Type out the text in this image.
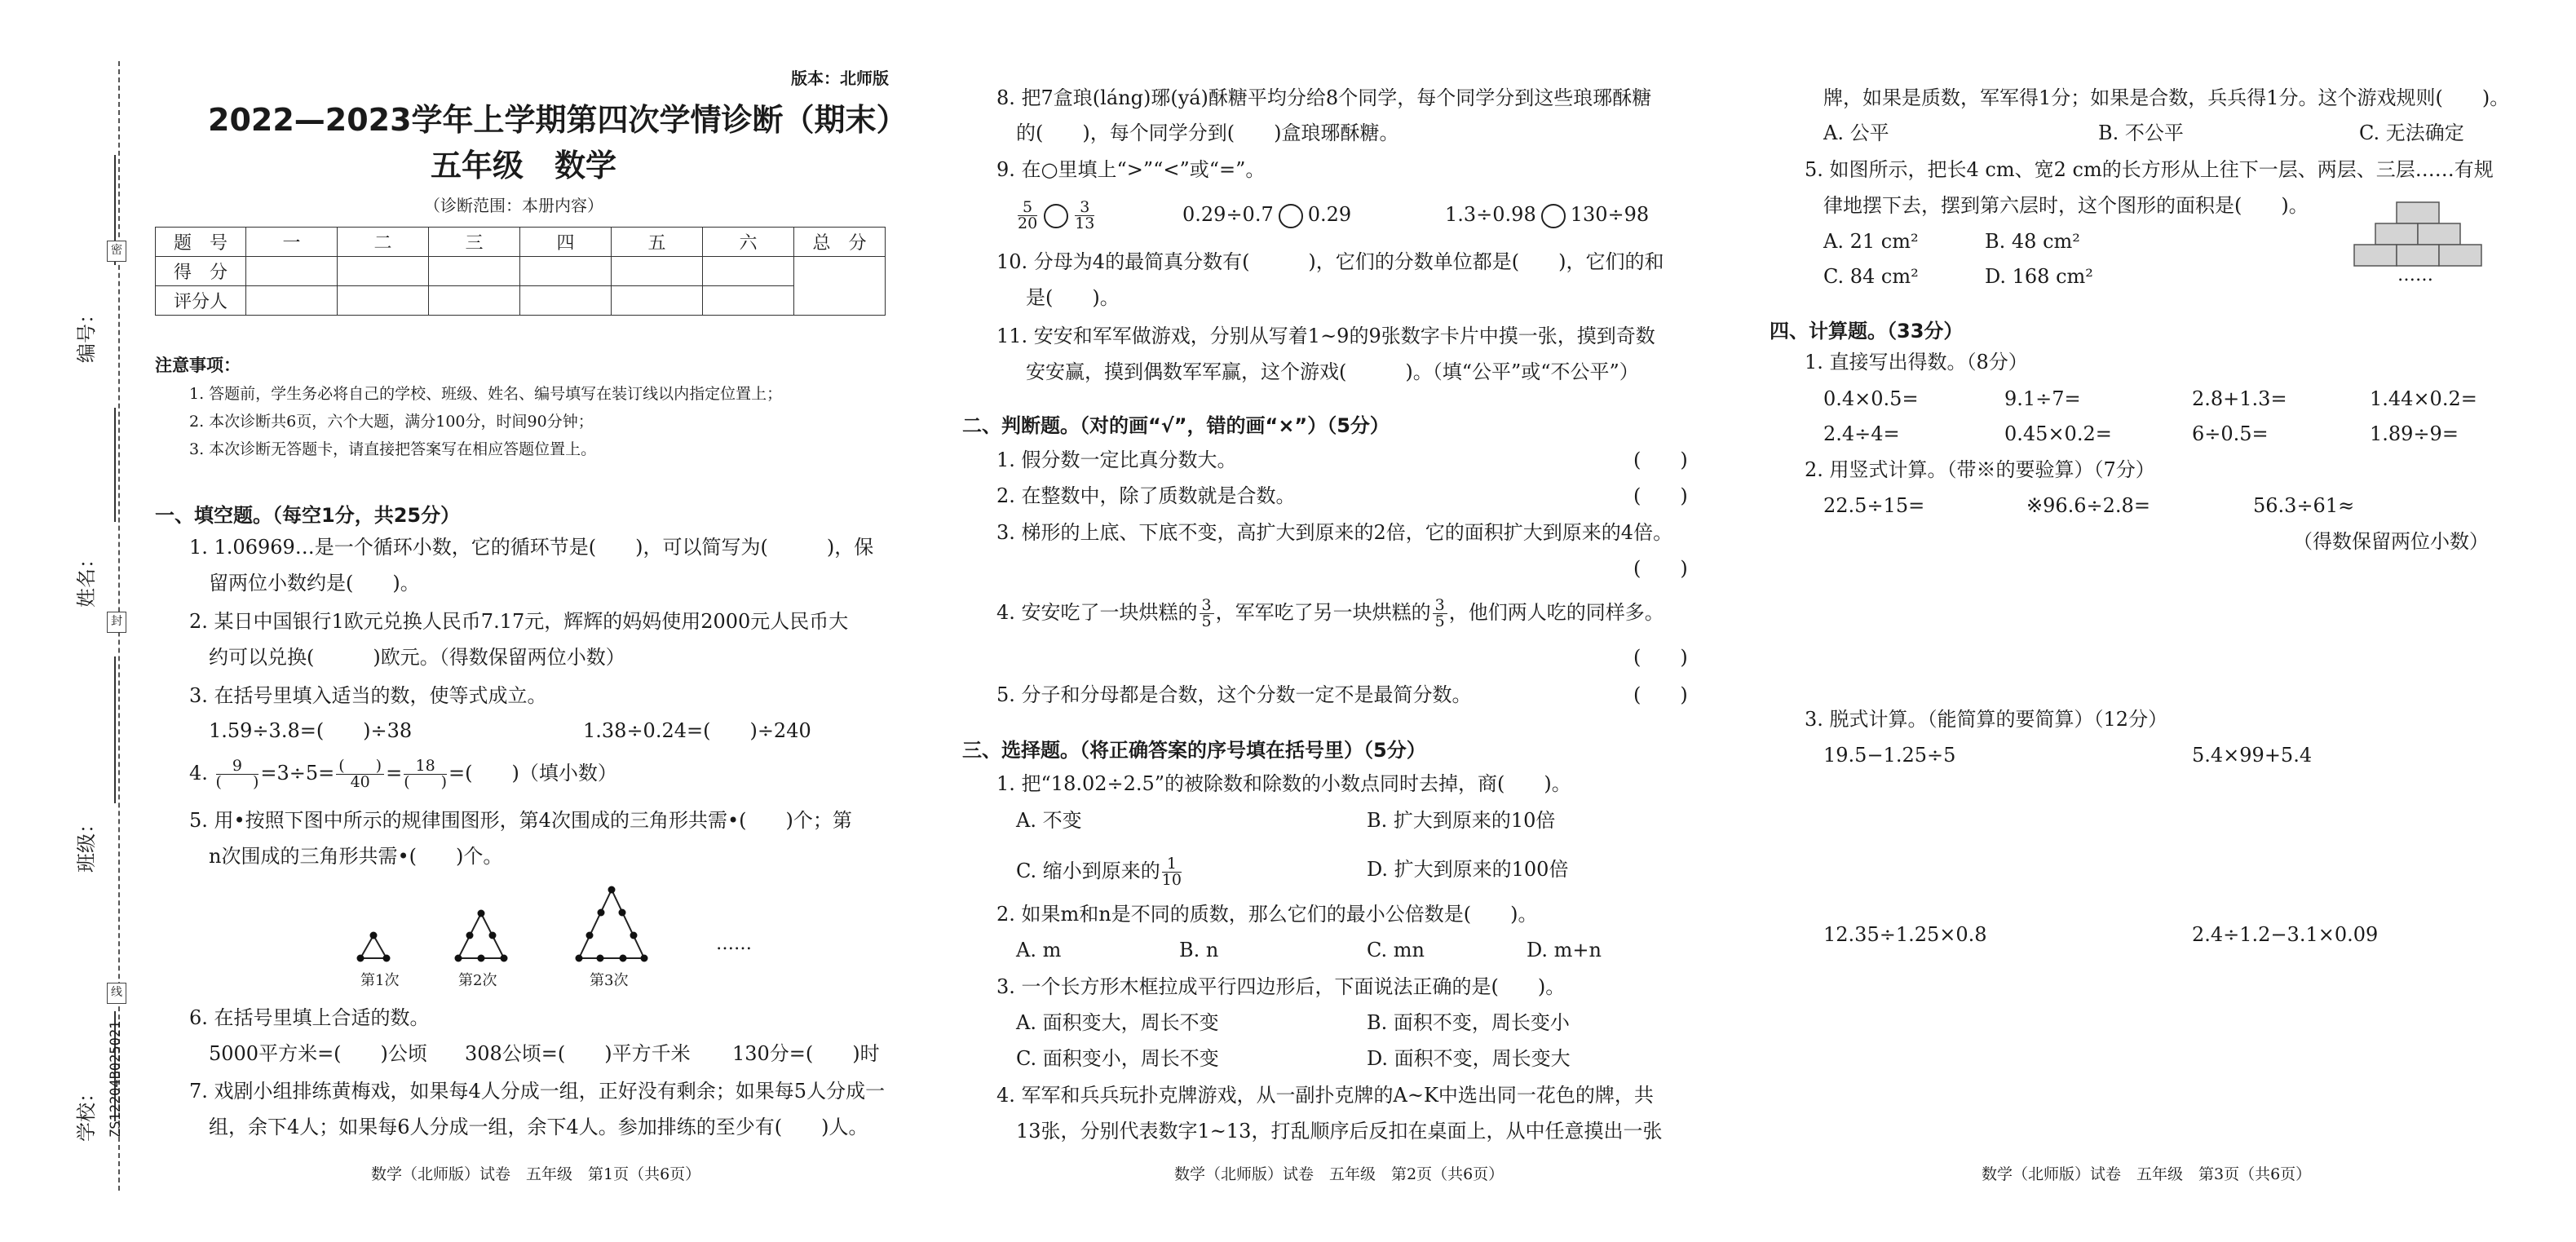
编号：
姓名：
班级：
学校：
密
封
线
ZS12204B025021
版本：北师版
2022—2023学年上学期第四次学情诊断（期末）
五年级　数学
（诊断范围：本册内容）
题　号	一	二	三	四	五	六	总　分
得　分							
评分人							
注意事项：
1. 答题前，学生务必将自己的学校、班级、姓名、编号填写在装订线以内指定位置上；
2. 本次诊断共6页，六个大题，满分100分，时间90分钟；
3. 本次诊断无答题卡，请直接把答案写在相应答题位置上。
一、填空题。（每空1分，共25分）
1. 1.06969…是一个循环小数，它的循环节是(　　)，可以简写为(　　　)，保
留两位小数约是(　　)。
2. 某日中国银行1欧元兑换人民币7.17元，辉辉的妈妈使用2000元人民币大
约可以兑换(　　　)欧元。（得数保留两位小数）
3. 在括号里填入适当的数，使等式成立。
1.59÷3.8=(　　)÷38	1.38÷0.24=(　　)÷240
4. $\frac{9}{( )} =3\div 5= \frac{( )}{40} = \frac{18}{( )}$ =(　　)（填小数）
5. 用•按照下图中所示的规律围图形，第4次围成的三角形共需•(　　)个；第
n次围成的三角形共需•(　　)个。
第1次	第2次	第3次
……
6. 在括号里填上合适的数。
5000平方米=(　　)公顷 308公顷=(　　)平方千米 130分=(　　)时
7. 戏剧小组排练黄梅戏，如果每4人分成一组，正好没有剩余；如果每5人分成一
组，余下4人；如果每6人分成一组，余下4人。参加排练的至少有(　　)人。
数学（北师版）试卷　五年级　第1页（共6页）
8. 把7盒琅(láng)琊(yá)酥糖平均分给8个同学，每个同学分到这些琅琊酥糖
的(　　)，每个同学分到(　　)盒琅琊酥糖。
9. 在○里填上“>”“<”或“=”。
$\frac{5}{20} \frac{3}{13}$	0.29÷0.7 0.29	1.3÷0.98 130÷98
10. 分母为4的最简真分数有(　　　)，它们的分数单位都是(　　)，它们的和
是(　　)。
11. 安安和军军做游戏，分别从写着1~9的9张数字卡片中摸一张，摸到奇数
安安赢，摸到偶数军军赢，这个游戏(　　　)。（填“公平”或“不公平”）
二、判断题。（对的画“√”，错的画“×”）（5分）
1. 假分数一定比真分数大。	(　　)
2. 在整数中，除了质数就是合数。	(　　)
3. 梯形的上底、下底不变，高扩大到原来的2倍，它的面积扩大到原来的4倍。
(　　)
4. 安安吃了一块烘糕的 $\frac{3}{5}$ ，军军吃了另一块烘糕的 $\frac{3}{5}$ ，他们两人吃的同样多。
(　　)
5. 分子和分母都是合数，这个分数一定不是最简分数。	(　　)
三、选择题。（将正确答案的序号填在括号里）（5分）
1. 把“18.02÷2.5”的被除数和除数的小数点同时去掉，商(　　)。
A. 不变	B. 扩大到原来的10倍
C. 缩小到原来的 $\frac{1}{10}$	D. 扩大到原来的100倍
2. 如果m和n是不同的质数，那么它们的最小公倍数是(　　)。
A. m	B. n	C. mn	D. m+n
3. 一个长方形木框拉成平行四边形后，下面说法正确的是(　　)。
A. 面积变大，周长不变	B. 面积不变，周长变小
C. 面积变小，周长不变	D. 面积不变，周长变大
4. 军军和兵兵玩扑克牌游戏，从一副扑克牌的A~K中选出同一花色的牌，共
13张，分别代表数字1~13，打乱顺序后反扣在桌面上，从中任意摸出一张
数学（北师版）试卷　五年级　第2页（共6页）
牌，如果是质数，军军得1分；如果是合数，兵兵得1分。这个游戏规则(　　)。
A. 公平	B. 不公平	C. 无法确定
5. 如图所示，把长4 cm、宽2 cm的长方形从上往下一层、两层、三层……有规
律地摆下去，摆到第六层时，这个图形的面积是(　　)。
A. 21 cm²	B. 48 cm²
C. 84 cm²	D. 168 cm²	……
四、计算题。（33分）
1. 直接写出得数。（8分）
0.4×0.5=	9.1÷7=	2.8+1.3=	1.44×0.2=
2.4÷4=	0.45×0.2=	6÷0.5=	1.89÷9=
2. 用竖式计算。（带※的要验算）（7分）
22.5÷15=	※96.6÷2.8=	56.3÷61≈
（得数保留两位小数）
3. 脱式计算。（能简算的要简算）（12分）
19.5−1.25÷5	5.4×99+5.4
12.35÷1.25×0.8	2.4÷1.2−3.1×0.09
数学（北师版）试卷　五年级　第3页（共6页）
